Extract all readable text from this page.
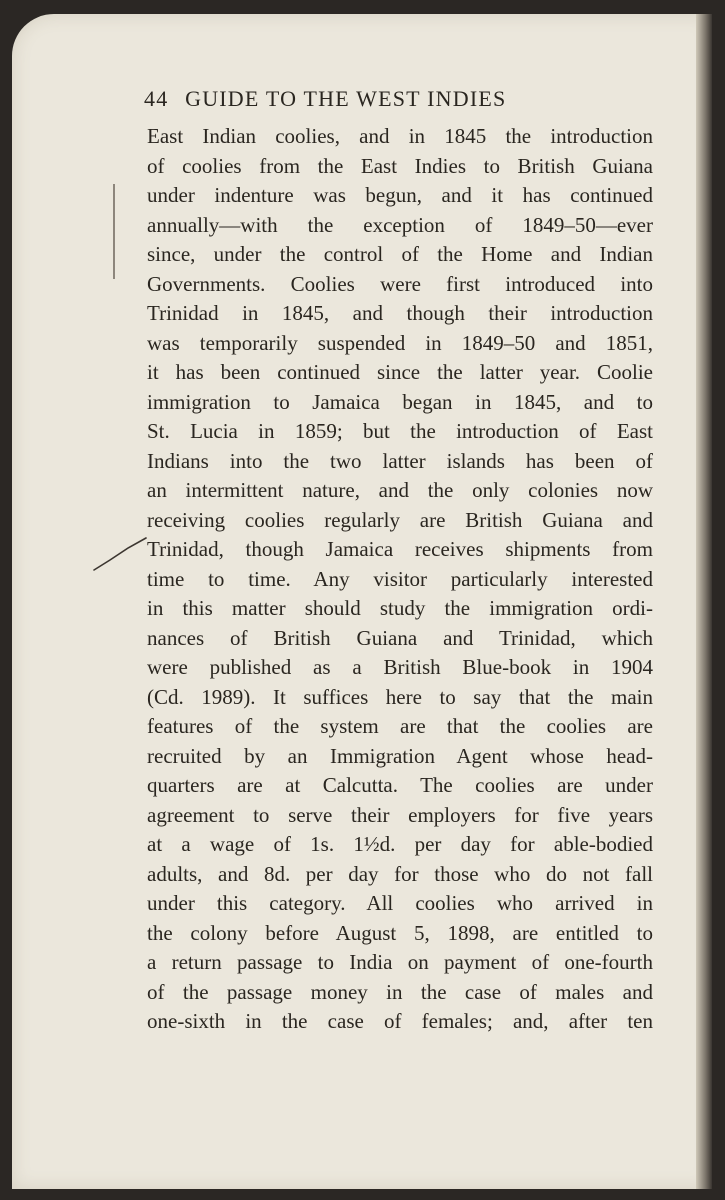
44 GUIDE TO THE WEST INDIES
East Indian coolies, and in 1845 the introduction
of coolies from the East Indies to British Guiana
under indenture was begun, and it has continued
annually—with the exception of 1849–50—ever
since, under the control of the Home and Indian
Governments. Coolies were first introduced into
Trinidad in 1845, and though their introduction
was temporarily suspended in 1849–50 and 1851,
it has been continued since the latter year. Coolie
immigration to Jamaica began in 1845, and to
St. Lucia in 1859; but the introduction of East
Indians into the two latter islands has been of
an intermittent nature, and the only colonies now
receiving coolies regularly are British Guiana and
Trinidad, though Jamaica receives shipments from
time to time. Any visitor particularly interested
in this matter should study the immigration ordi-
nances of British Guiana and Trinidad, which
were published as a British Blue-book in 1904
(Cd. 1989). It suffices here to say that the main
features of the system are that the coolies are
recruited by an Immigration Agent whose head-
quarters are at Calcutta. The coolies are under
agreement to serve their employers for five years
at a wage of 1s. 1½d. per day for able-bodied
adults, and 8d. per day for those who do not fall
under this category. All coolies who arrived in
the colony before August 5, 1898, are entitled to
a return passage to India on payment of one-fourth
of the passage money in the case of males and
one-sixth in the case of females; and, after ten
